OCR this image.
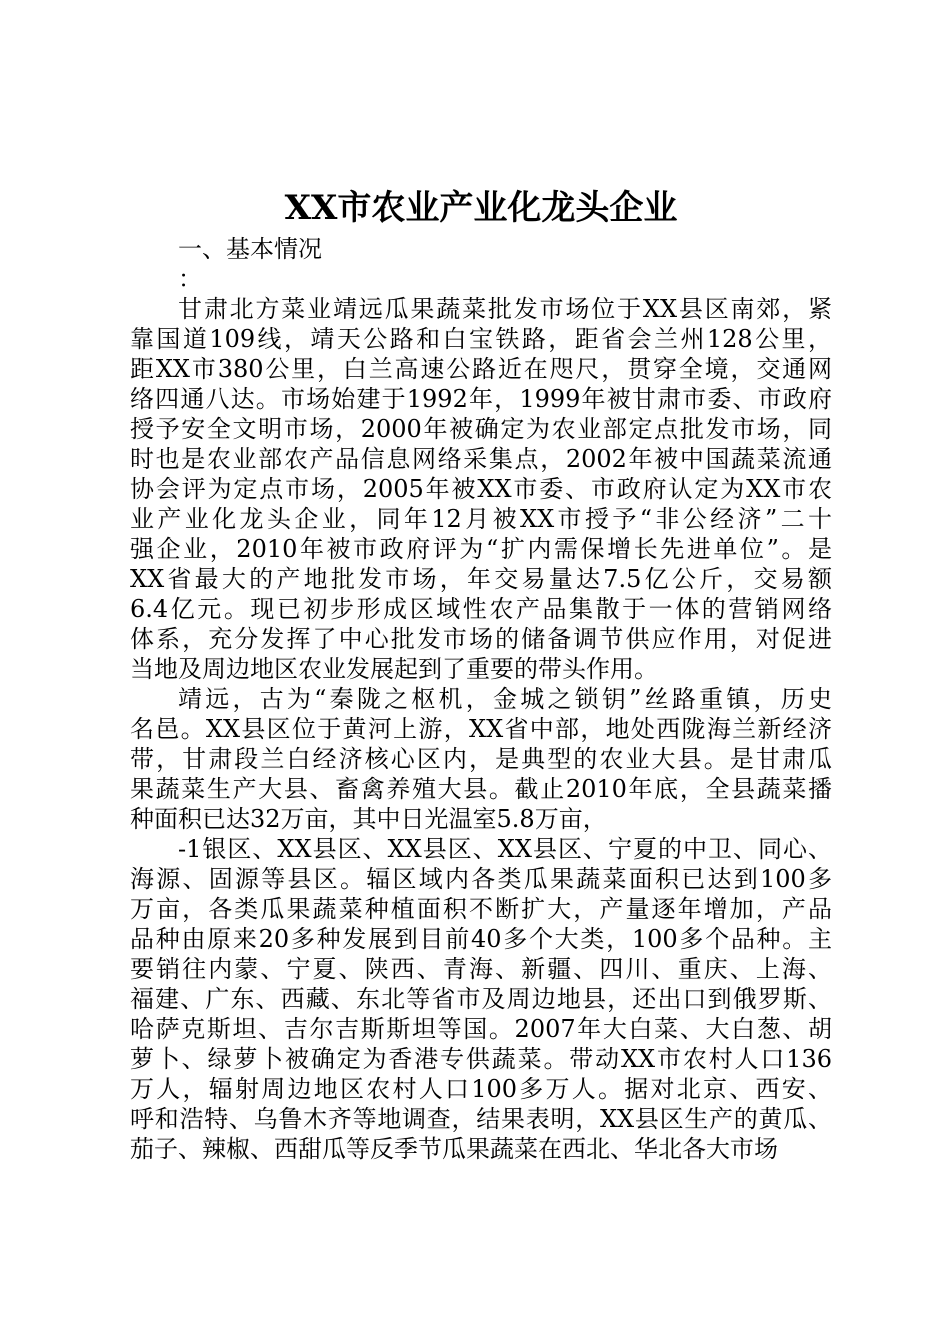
XX市农业产业化龙头企业

一、基本情况

：

甘肃北方菜业靖远瓜果蔬菜批发市场位于XX县区南郊，紧
靠国道109线，靖天公路和白宝铁路，距省会兰州128公里，
距XX市380公里，白兰高速公路近在咫尺，贯穿全境，交通网
络四通八达。市场始建于1992年，1999年被甘肃市委、市政府
授予安全文明市场，2000年被确定为农业部定点批发市场，同
时也是农业部农产品信息网络采集点，2002年被中国蔬菜流通
协会评为定点市场，2005年被XX市委、市政府认定为XX市农
业产业化龙头企业，同年12月被XX市授予“非公经济”二十
强企业，2010年被市政府评为“扩内需保增长先进单位”。是
XX省最大的产地批发市场，年交易量达7.5亿公斤，交易额
6.4亿元。现已初步形成区域性农产品集散于一体的营销网络
体系，充分发挥了中心批发市场的储备调节供应作用，对促进
当地及周边地区农业发展起到了重要的带头作用。
靖远，古为“秦陇之枢机，金城之锁钥”丝路重镇，历史
名邑。XX县区位于黄河上游，XX省中部，地处西陇海兰新经济
带，甘肃段兰白经济核心区内，是典型的农业大县。是甘肃瓜
果蔬菜生产大县、畜禽养殖大县。截止2010年底，全县蔬菜播
种面积已达32万亩，其中日光温室5.8万亩，
-1银区、XX县区、XX县区、XX县区、宁夏的中卫、同心、
海源、固源等县区。辐区域内各类瓜果蔬菜面积已达到100多
万亩，各类瓜果蔬菜种植面积不断扩大，产量逐年增加，产品
品种由原来20多种发展到目前40多个大类，100多个品种。主
要销往内蒙、宁夏、陕西、青海、新疆、四川、重庆、上海、
福建、广东、西藏、东北等省市及周边地县，还出口到俄罗斯、
哈萨克斯坦、吉尔吉斯斯坦等国。2007年大白菜、大白葱、胡
萝卜、绿萝卜被确定为香港专供蔬菜。带动XX市农村人口136
万人，辐射周边地区农村人口100多万人。据对北京、西安、
呼和浩特、乌鲁木齐等地调查，结果表明，XX县区生产的黄瓜、
茄子、辣椒、西甜瓜等反季节瓜果蔬菜在西北、华北各大市场
